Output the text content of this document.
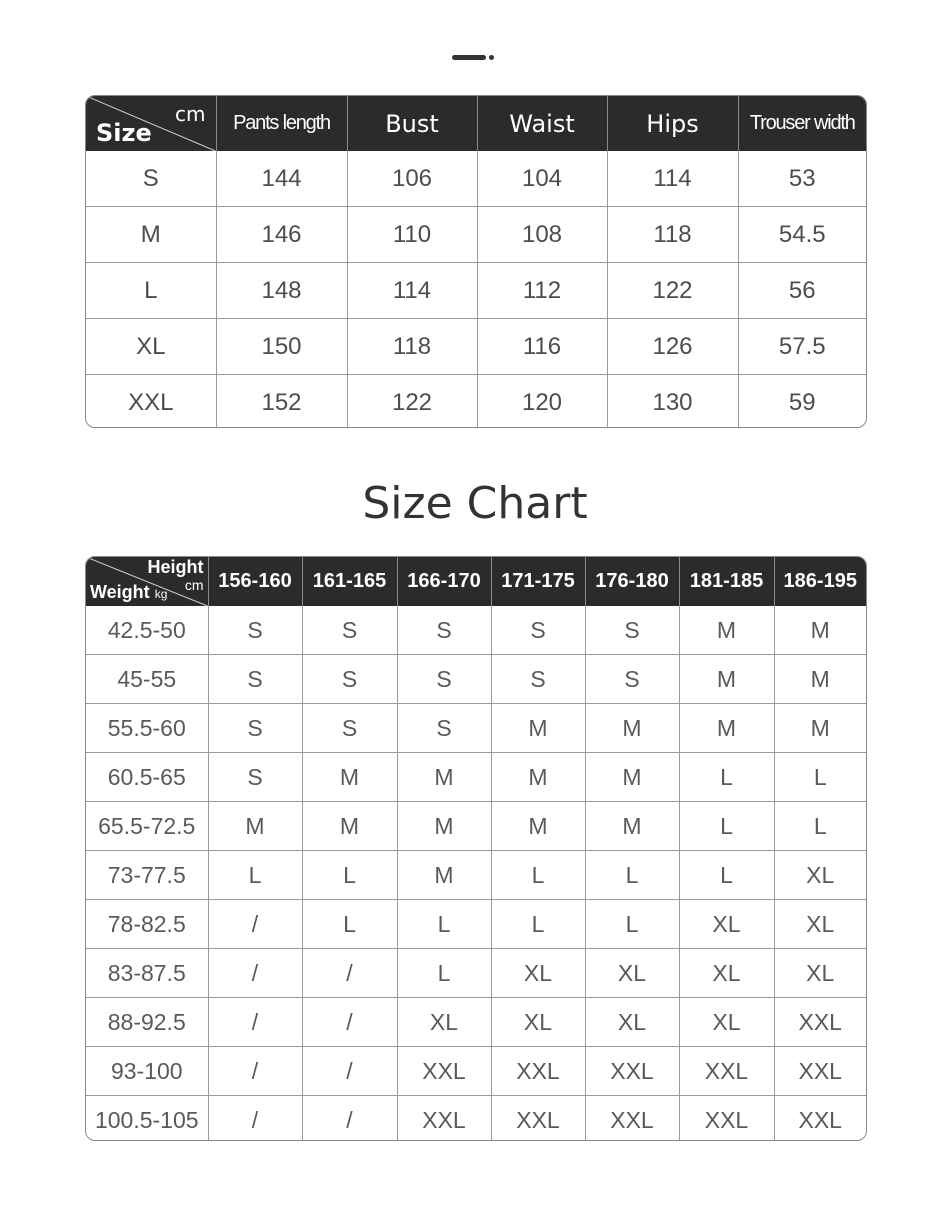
cm
Size	Pants length	Bust	Waist	Hips	Trouser width
S	144	106	104	114	53
M	146	110	108	118	54.5
L	148	114	112	122	56
XL	150	118	116	126	57.5
XXL	152	122	120	130	59
Size Chart
Height
cm
Weight kg	156-160	161-165	166-170	171-175	176-180	181-185	186-195
42.5-50	S	S	S	S	S	M	M
45-55	S	S	S	S	S	M	M
55.5-60	S	S	S	M	M	M	M
60.5-65	S	M	M	M	M	L	L
65.5-72.5	M	M	M	M	M	L	L
73-77.5	L	L	M	L	L	L	XL
78-82.5	/	L	L	L	L	XL	XL
83-87.5	/	/	L	XL	XL	XL	XL
88-92.5	/	/	XL	XL	XL	XL	XXL
93-100	/	/	XXL	XXL	XXL	XXL	XXL
100.5-105	/	/	XXL	XXL	XXL	XXL	XXL
